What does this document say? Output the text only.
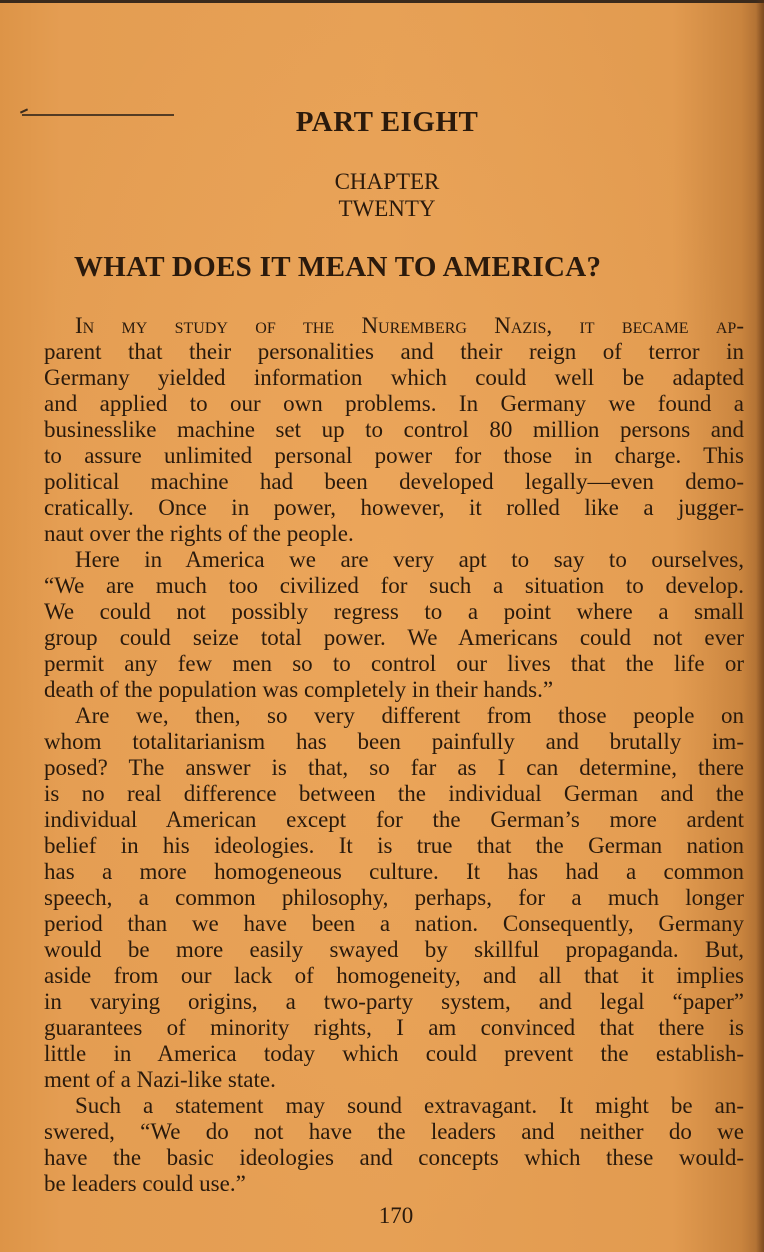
PART EIGHT
CHAPTER
TWENTY
WHAT DOES IT MEAN TO AMERICA?
In my study of the Nuremberg Nazis, it became ap-
parent that their personalities and their reign of terror in
Germany yielded information which could well be adapted
and applied to our own problems. In Germany we found a
businesslike machine set up to control 80 million persons and
to assure unlimited personal power for those in charge. This
political machine had been developed legally—even demo-
cratically. Once in power, however, it rolled like a jugger-
naut over the rights of the people.
Here in America we are very apt to say to ourselves,
“We are much too civilized for such a situation to develop.
We could not possibly regress to a point where a small
group could seize total power. We Americans could not ever
permit any few men so to control our lives that the life or
death of the population was completely in their hands.”
Are we, then, so very different from those people on
whom totalitarianism has been painfully and brutally im-
posed? The answer is that, so far as I can determine, there
is no real difference between the individual German and the
individual American except for the German’s more ardent
belief in his ideologies. It is true that the German nation
has a more homogeneous culture. It has had a common
speech, a common philosophy, perhaps, for a much longer
period than we have been a nation. Consequently, Germany
would be more easily swayed by skillful propaganda. But,
aside from our lack of homogeneity, and all that it implies
in varying origins, a two-party system, and legal “paper”
guarantees of minority rights, I am convinced that there is
little in America today which could prevent the establish-
ment of a Nazi-like state.
Such a statement may sound extravagant. It might be an-
swered, “We do not have the leaders and neither do we
have the basic ideologies and concepts which these would-
be leaders could use.”
170
